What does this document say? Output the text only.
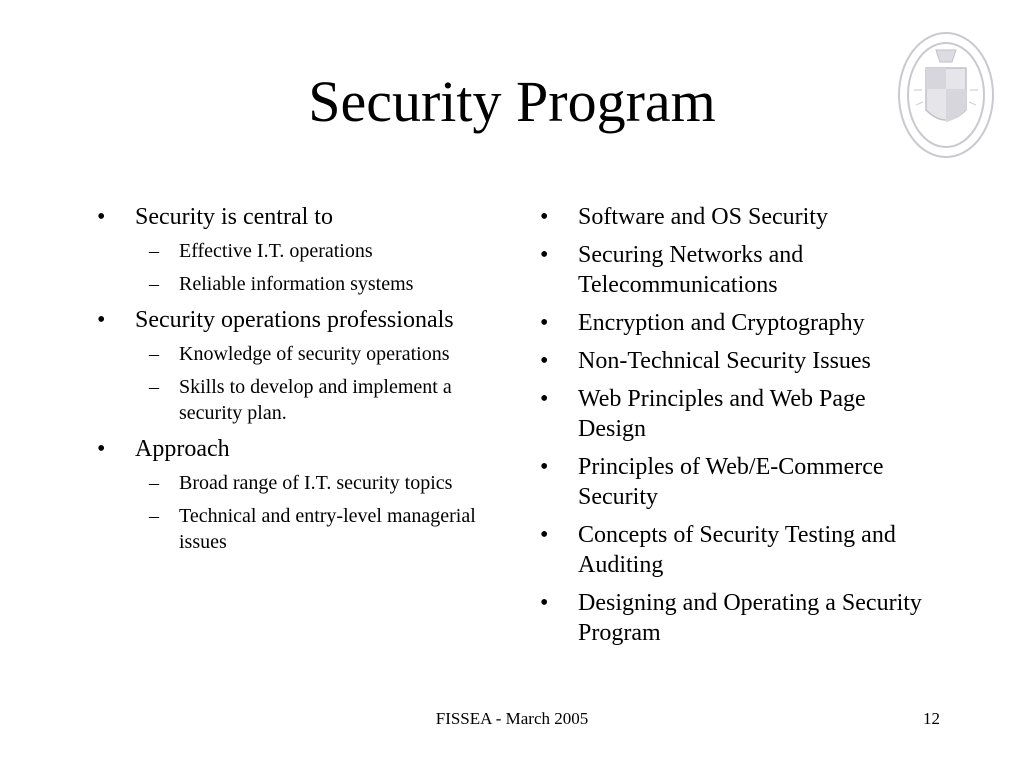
Security Program
• Security is central to
– Effective I.T. operations
– Reliable information systems
• Security operations professionals
– Knowledge of security operations
– Skills to develop and implement a security plan.
• Approach
– Broad range of I.T. security topics
– Technical and entry-level managerial issues
• Software and OS Security
• Securing Networks and Telecommunications
• Encryption and Cryptography
• Non-Technical Security Issues
• Web Principles and Web Page Design
• Principles of Web/E-Commerce Security
• Concepts of Security Testing and Auditing
• Designing and Operating a Security Program
FISSEA - March 2005	12
